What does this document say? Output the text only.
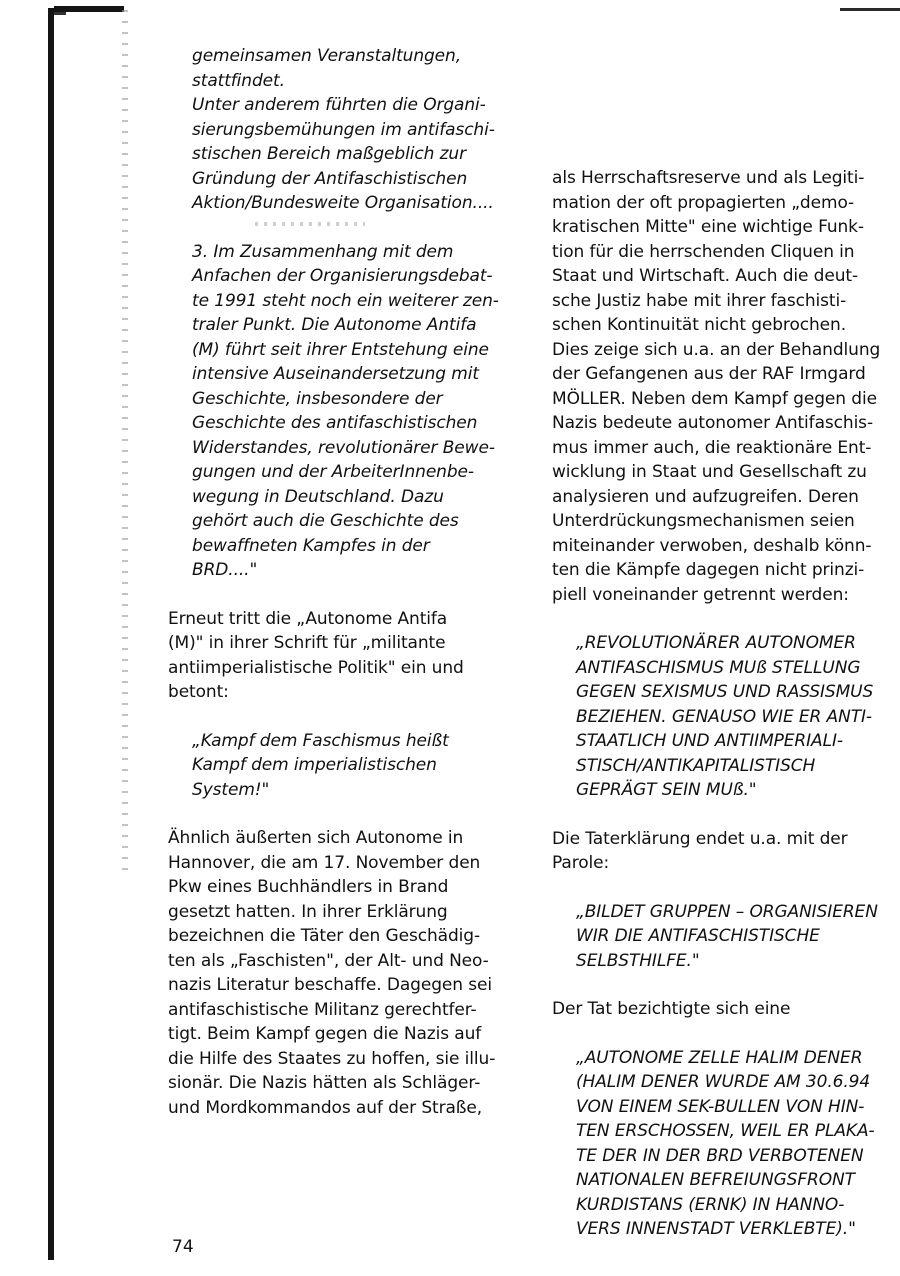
gemeinsamen Veranstaltungen,
stattfindet.
Unter anderem führten die Organi-
sierungsbemühungen im antifaschi-
stischen Bereich maßgeblich zur
Gründung der Antifaschistischen
Aktion/Bundesweite Organisation....

3. Im Zusammenhang mit dem
Anfachen der Organisierungsdebat-
te 1991 steht noch ein weiterer zen-
traler Punkt. Die Autonome Antifa
(M) führt seit ihrer Entstehung eine
intensive Auseinandersetzung mit
Geschichte, insbesondere der
Geschichte des antifaschistischen
Widerstandes, revolutionärer Bewe-
gungen und der ArbeiterInnenbe-
wegung in Deutschland. Dazu
gehört auch die Geschichte des
bewaffneten Kampfes in der
BRD...."

Erneut tritt die „Autonome Antifa
(M)" in ihrer Schrift für „militante
antiimperialistische Politik" ein und
betont:

„Kampf dem Faschismus heißt
Kampf dem imperialistischen
System!"

Ähnlich äußerten sich Autonome in
Hannover, die am 17. November den
Pkw eines Buchhändlers in Brand
gesetzt hatten. In ihrer Erklärung
bezeichnen die Täter den Geschädig-
ten als „Faschisten", der Alt- und Neo-
nazis Literatur beschaffe. Dagegen sei
antifaschistische Militanz gerechtfer-
tigt. Beim Kampf gegen die Nazis auf
die Hilfe des Staates zu hoffen, sie illu-
sionär. Die Nazis hätten als Schläger-
und Mordkommandos auf der Straße,

als Herrschaftsreserve und als Legiti-
mation der oft propagierten „demo-
kratischen Mitte" eine wichtige Funk-
tion für die herrschenden Cliquen in
Staat und Wirtschaft. Auch die deut-
sche Justiz habe mit ihrer faschisti-
schen Kontinuität nicht gebrochen.
Dies zeige sich u.a. an der Behandlung
der Gefangenen aus der RAF Irmgard
MÖLLER. Neben dem Kampf gegen die
Nazis bedeute autonomer Antifaschis-
mus immer auch, die reaktionäre Ent-
wicklung in Staat und Gesellschaft zu
analysieren und aufzugreifen. Deren
Unterdrückungsmechanismen seien
miteinander verwoben, deshalb könn-
ten die Kämpfe dagegen nicht prinzi-
piell voneinander getrennt werden:

„REVOLUTIONÄRER AUTONOMER
ANTIFASCHISMUS MUß STELLUNG
GEGEN SEXISMUS UND RASSISMUS
BEZIEHEN. GENAUSO WIE ER ANTI-
STAATLICH UND ANTIIMPERIALI-
STISCH/ANTIKAPITALISTISCH
GEPRÄGT SEIN MUß."

Die Taterklärung endet u.a. mit der
Parole:

„BILDET GRUPPEN – ORGANISIEREN
WIR DIE ANTIFASCHISTISCHE
SELBSTHILFE."

Der Tat bezichtigte sich eine

„AUTONOME ZELLE HALIM DENER
(HALIM DENER WURDE AM 30.6.94
VON EINEM SEK-BULLEN VON HIN-
TEN ERSCHOSSEN, WEIL ER PLAKA-
TE DER IN DER BRD VERBOTENEN
NATIONALEN BEFREIUNGSFRONT
KURDISTANS (ERNK) IN HANNO-
VERS INNENSTADT VERKLEBTE)."

74
